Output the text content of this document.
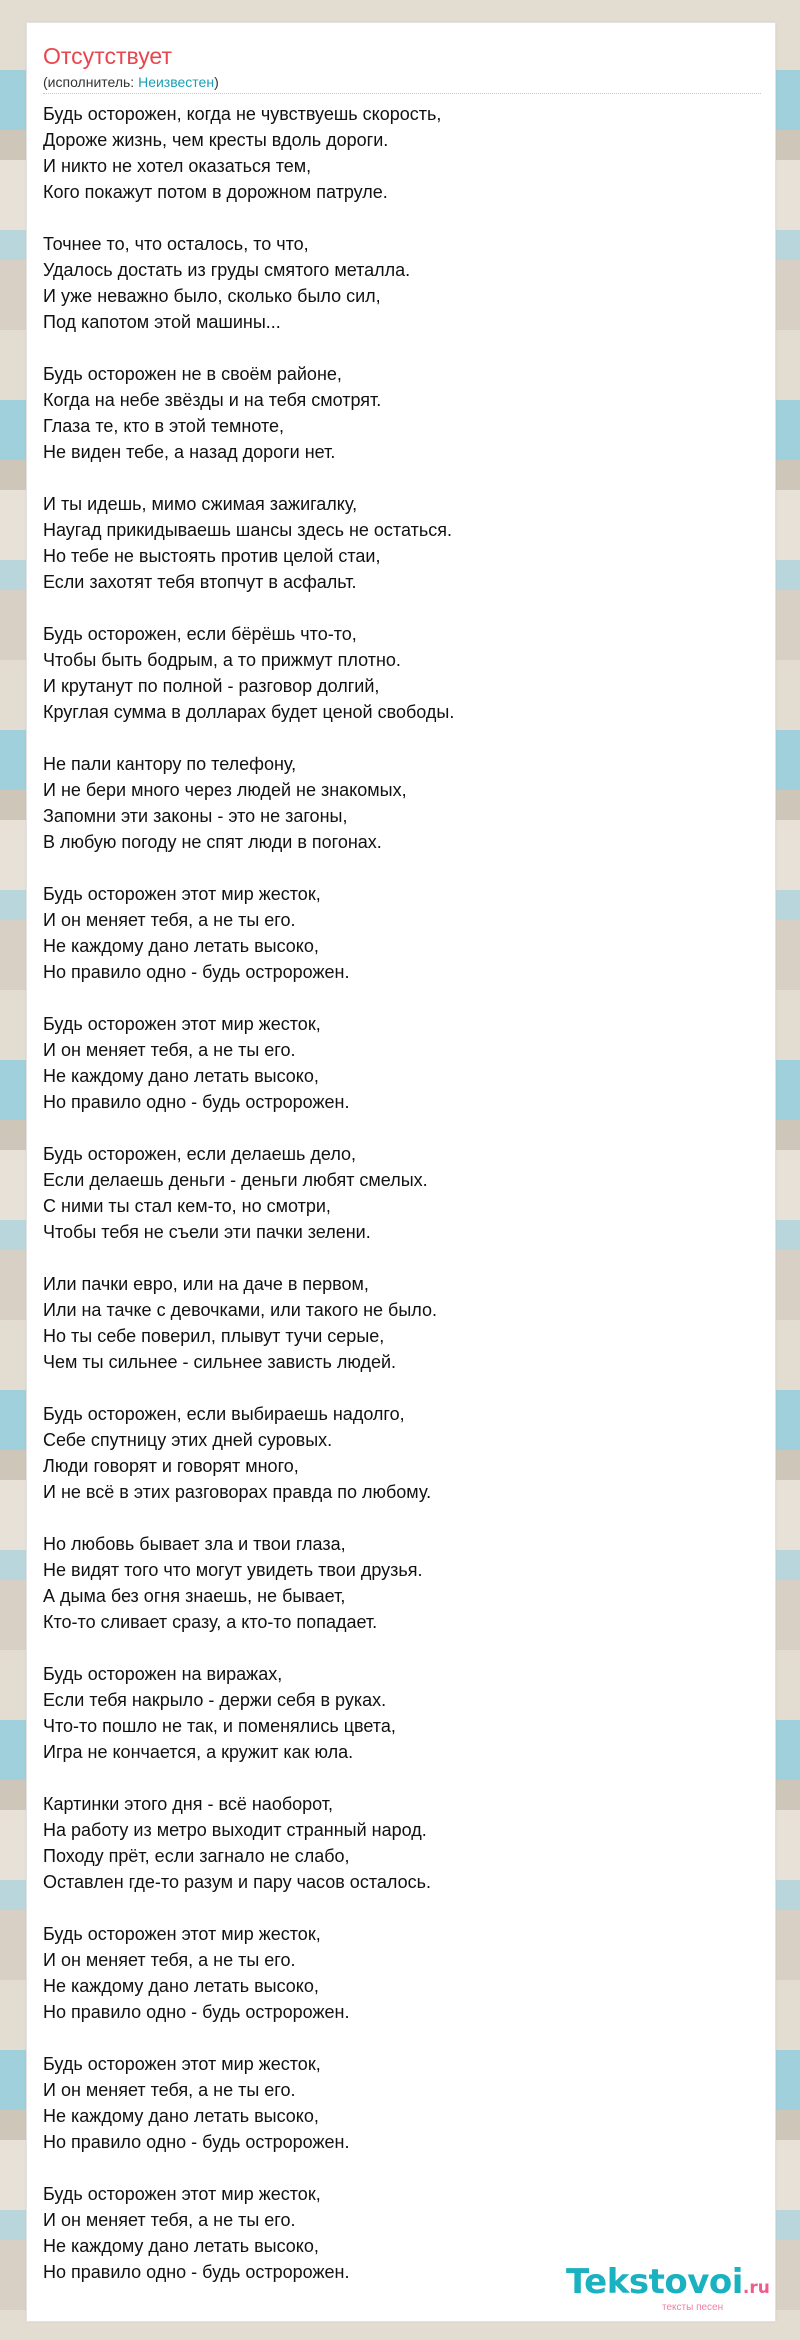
Отсутствует
(исполнитель: Неизвестен)
Будь осторожен, когда не чувствуешь скорость,
Дороже жизнь, чем кресты вдоль дороги.
И никто не хотел оказаться тем,
Кого покажут потом в дорожном патруле.
Точнее то, что осталось, то что,
Удалось достать из груды смятого металла.
И уже неважно было, сколько было сил,
Под капотом этой машины...
Будь осторожен не в своём районе,
Когда на небе звёзды и на тебя смотрят.
Глаза те, кто в этой темноте,
Не виден тебе, а назад дороги нет.
И ты идешь, мимо сжимая зажигалку,
Наугад прикидываешь шансы здесь не остаться.
Но тебе не выстоять против целой стаи,
Если захотят тебя втопчут в асфальт.
Будь осторожен, если бёрёшь что-то,
Чтобы быть бодрым, а то прижмут плотно.
И крутанут по полной - разговор долгий,
Круглая сумма в долларах будет ценой свободы.
Не пали кантору по телефону,
И не бери много через людей не знакомых,
Запомни эти законы - это не загоны,
В любую погоду не спят люди в погонах.
Будь осторожен этот мир жесток,
И он меняет тебя, а не ты его.
Не каждому дано летать высоко,
Но правило одно - будь остророжен.
Будь осторожен этот мир жесток,
И он меняет тебя, а не ты его.
Не каждому дано летать высоко,
Но правило одно - будь остророжен.
Будь осторожен, если делаешь дело,
Если делаешь деньги - деньги любят смелых.
С ними ты стал кем-то, но смотри,
Чтобы тебя не съели эти пачки зелени.
Или пачки евро, или на даче в первом,
Или на тачке с девочками, или такого не было.
Но ты себе поверил, плывут тучи серые,
Чем ты сильнее - сильнее зависть людей.
Будь осторожен, если выбираешь надолго,
Себе спутницу этих дней суровых.
Люди говорят и говорят много,
И не всё в этих разговорах правда по любому.
Но любовь бывает зла и твои глаза,
Не видят того что могут увидеть твои друзья.
А дыма без огня знаешь, не бывает,
Кто-то сливает сразу, а кто-то попадает.
Будь осторожен на виражах,
Если тебя накрыло - держи себя в руках.
Что-то пошло не так, и поменялись цвета,
Игра не кончается, а кружит как юла.
Картинки этого дня - всё наоборот,
На работу из метро выходит странный народ.
Походу прёт, если загнало не слабо,
Оставлен где-то разум и пару часов осталось.
Будь осторожен этот мир жесток,
И он меняет тебя, а не ты его.
Не каждому дано летать высоко,
Но правило одно - будь остророжен.
Будь осторожен этот мир жесток,
И он меняет тебя, а не ты его.
Не каждому дано летать высоко,
Но правило одно - будь остророжен.
Будь осторожен этот мир жесток,
И он меняет тебя, а не ты его.
Не каждому дано летать высоко,
Но правило одно - будь остророжен.	Tekstovoi.ru
тексты песен
